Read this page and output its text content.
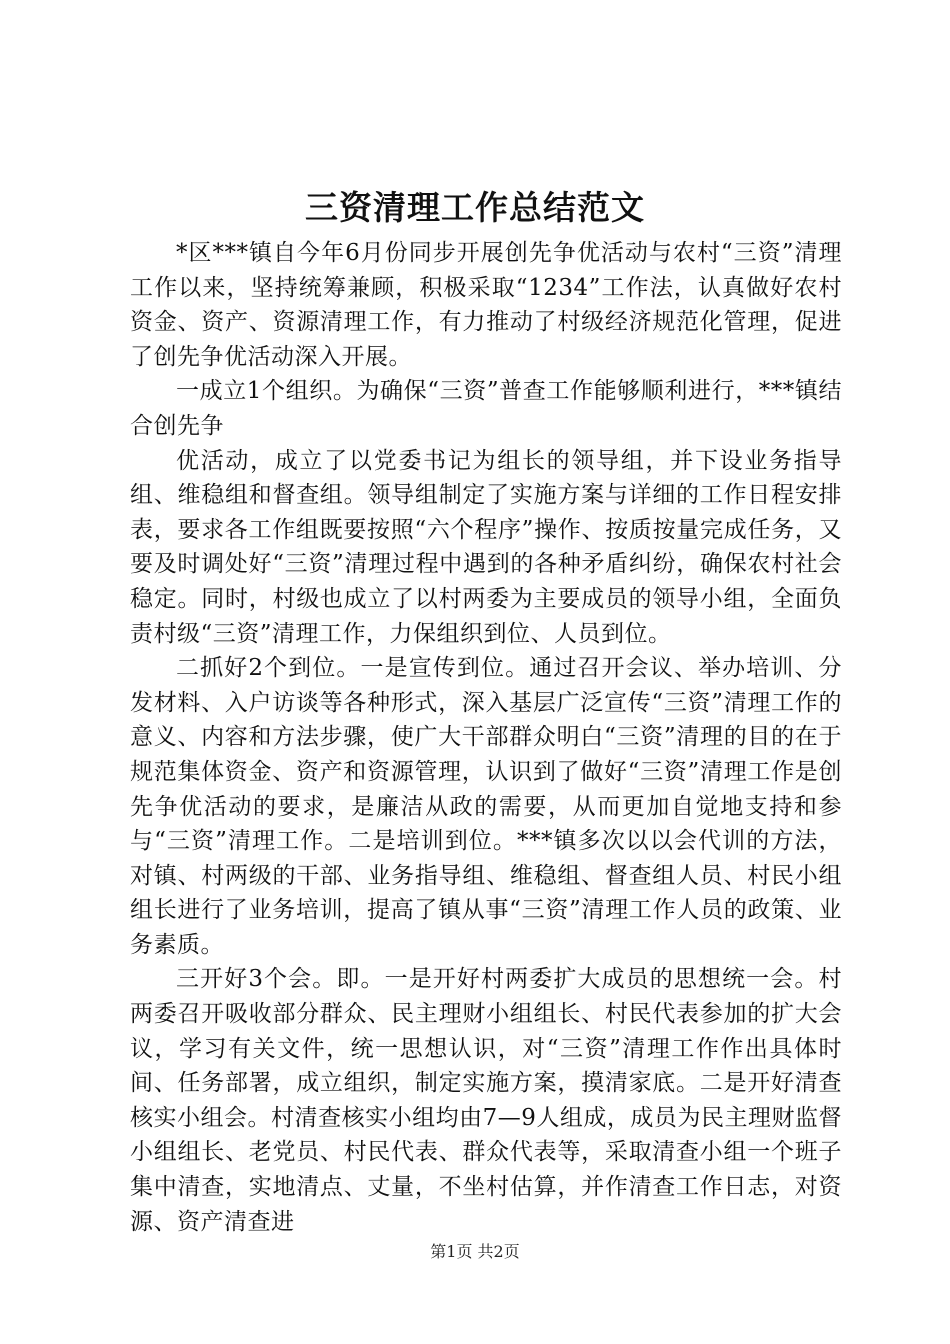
三资清理工作总结范文

*区***镇自今年6月份同步开展创先争优活动与农村“三资”清理工作以来，坚持统筹兼顾，积极采取“1234”工作法，认真做好农村资金、资产、资源清理工作，有力推动了村级经济规范化管理，促进了创先争优活动深入开展。

一成立1个组织。为确保“三资”普查工作能够顺利进行，***镇结合创先争

优活动，成立了以党委书记为组长的领导组，并下设业务指导组、维稳组和督查组。领导组制定了实施方案与详细的工作日程安排表，要求各工作组既要按照“六个程序”操作、按质按量完成任务，又要及时调处好“三资”清理过程中遇到的各种矛盾纠纷，确保农村社会稳定。同时，村级也成立了以村两委为主要成员的领导小组，全面负责村级“三资”清理工作，力保组织到位、人员到位。

二抓好2个到位。一是宣传到位。通过召开会议、举办培训、分发材料、入户访谈等各种形式，深入基层广泛宣传“三资”清理工作的意义、内容和方法步骤，使广大干部群众明白“三资”清理的目的在于规范集体资金、资产和资源管理，认识到了做好“三资”清理工作是创先争优活动的要求，是廉洁从政的需要，从而更加自觉地支持和参与“三资”清理工作。二是培训到位。***镇多次以以会代训的方法，对镇、村两级的干部、业务指导组、维稳组、督查组人员、村民小组组长进行了业务培训，提高了镇从事“三资”清理工作人员的政策、业务素质。

三开好3个会。即。一是开好村两委扩大成员的思想统一会。村两委召开吸收部分群众、民主理财小组组长、村民代表参加的扩大会议，学习有关文件，统一思想认识，对“三资”清理工作作出具体时间、任务部署，成立组织，制定实施方案，摸清家底。二是开好清查核实小组会。村清查核实小组均由7—9人组成，成员为民主理财监督小组组长、老党员、村民代表、群众代表等，采取清查小组一个班子集中清查，实地清点、丈量，不坐村估算，并作清查工作日志，对资源、资产清查进

第1页 共2页
